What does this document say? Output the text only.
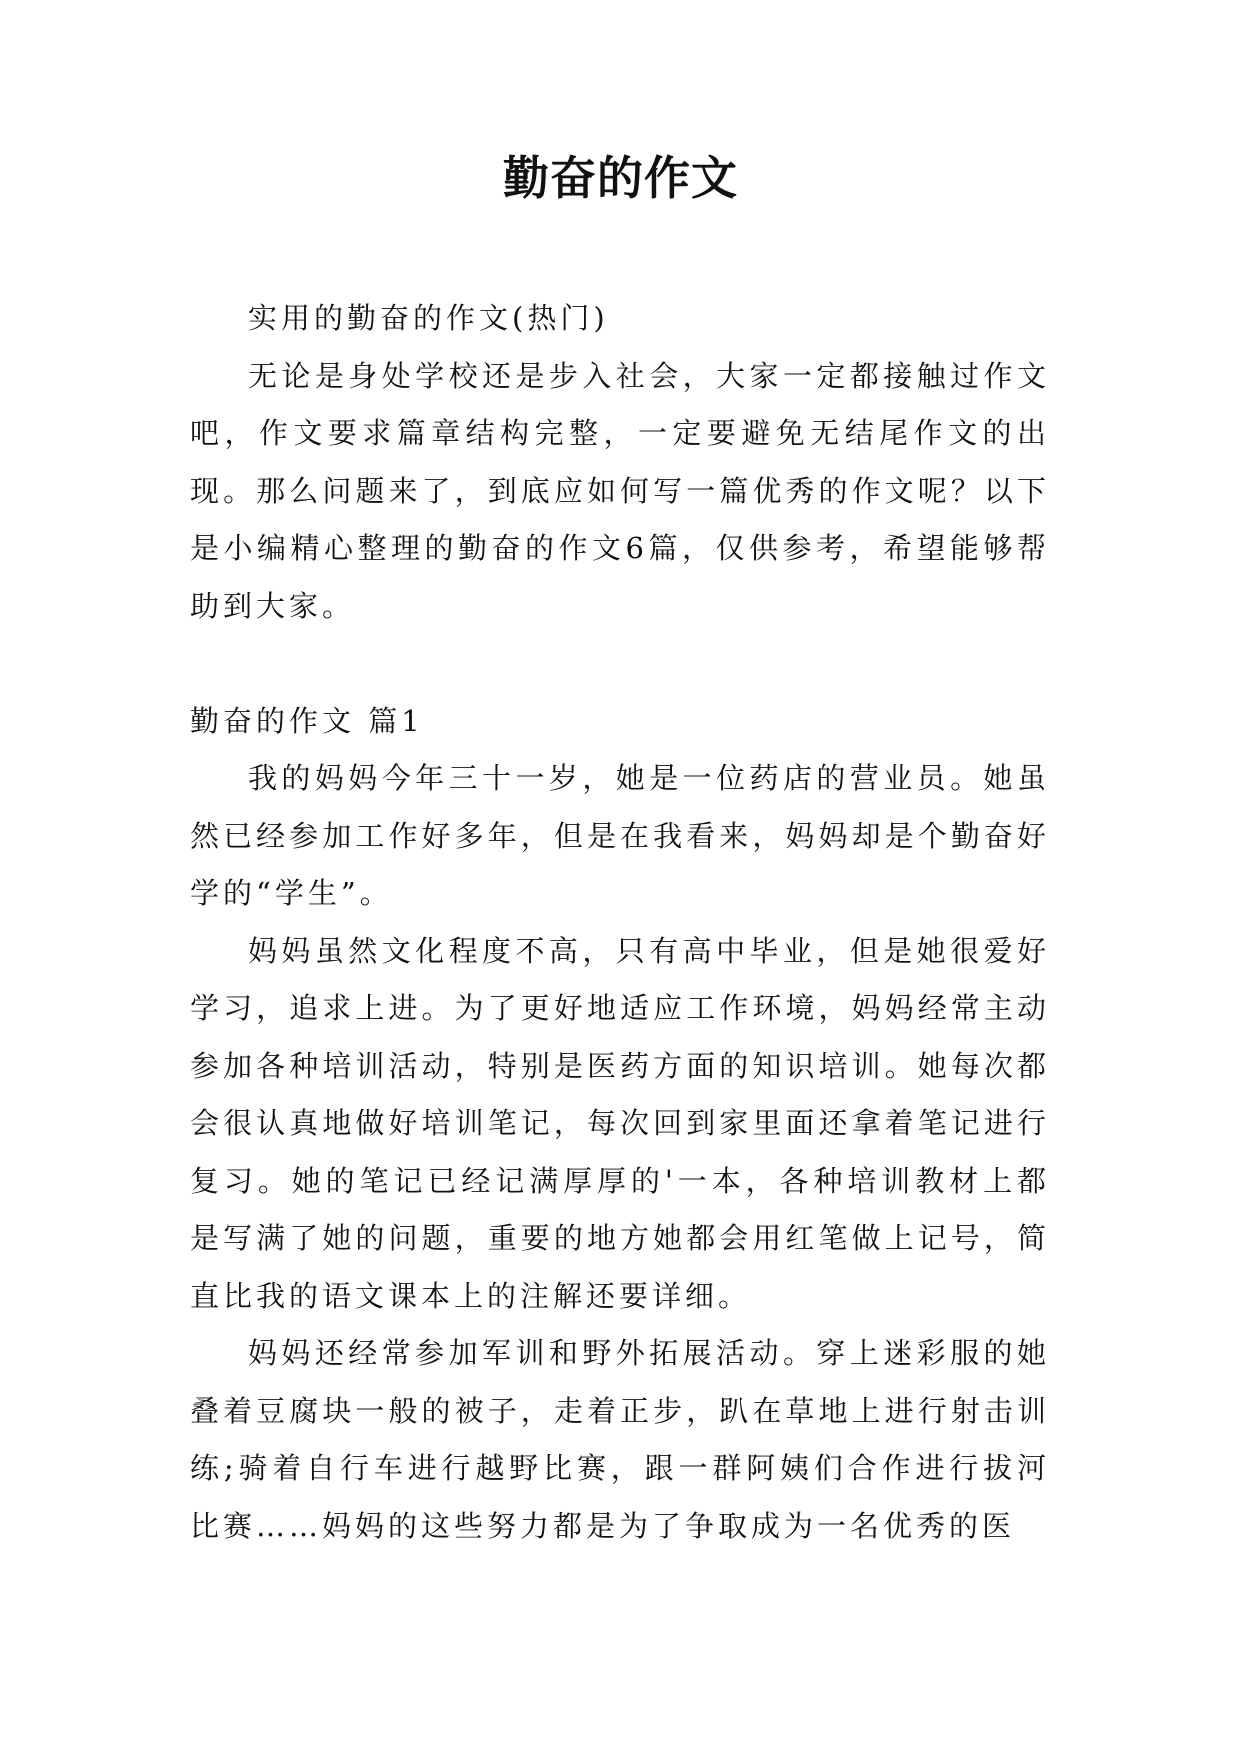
勤奋的作文

实用的勤奋的作文(热门)

无论是身处学校还是步入社会，大家一定都接触过作文吧，作文要求篇章结构完整，一定要避免无结尾作文的出现。那么问题来了，到底应如何写一篇优秀的作文呢？以下是小编精心整理的勤奋的作文6篇，仅供参考，希望能够帮助到大家。

勤奋的作文 篇1

我的妈妈今年三十一岁，她是一位药店的营业员。她虽然已经参加工作好多年，但是在我看来，妈妈却是个勤奋好学的“学生”。

妈妈虽然文化程度不高，只有高中毕业，但是她很爱好学习，追求上进。为了更好地适应工作环境，妈妈经常主动参加各种培训活动，特别是医药方面的知识培训。她每次都会很认真地做好培训笔记，每次回到家里面还拿着笔记进行复习。她的笔记已经记满厚厚的'一本，各种培训教材上都是写满了她的问题，重要的地方她都会用红笔做上记号，简直比我的语文课本上的注解还要详细。

妈妈还经常参加军训和野外拓展活动。穿上迷彩服的她叠着豆腐块一般的被子，走着正步，趴在草地上进行射击训练;骑着自行车进行越野比赛，跟一群阿姨们合作进行拔河比赛……妈妈的这些努力都是为了争取成为一名优秀的医
